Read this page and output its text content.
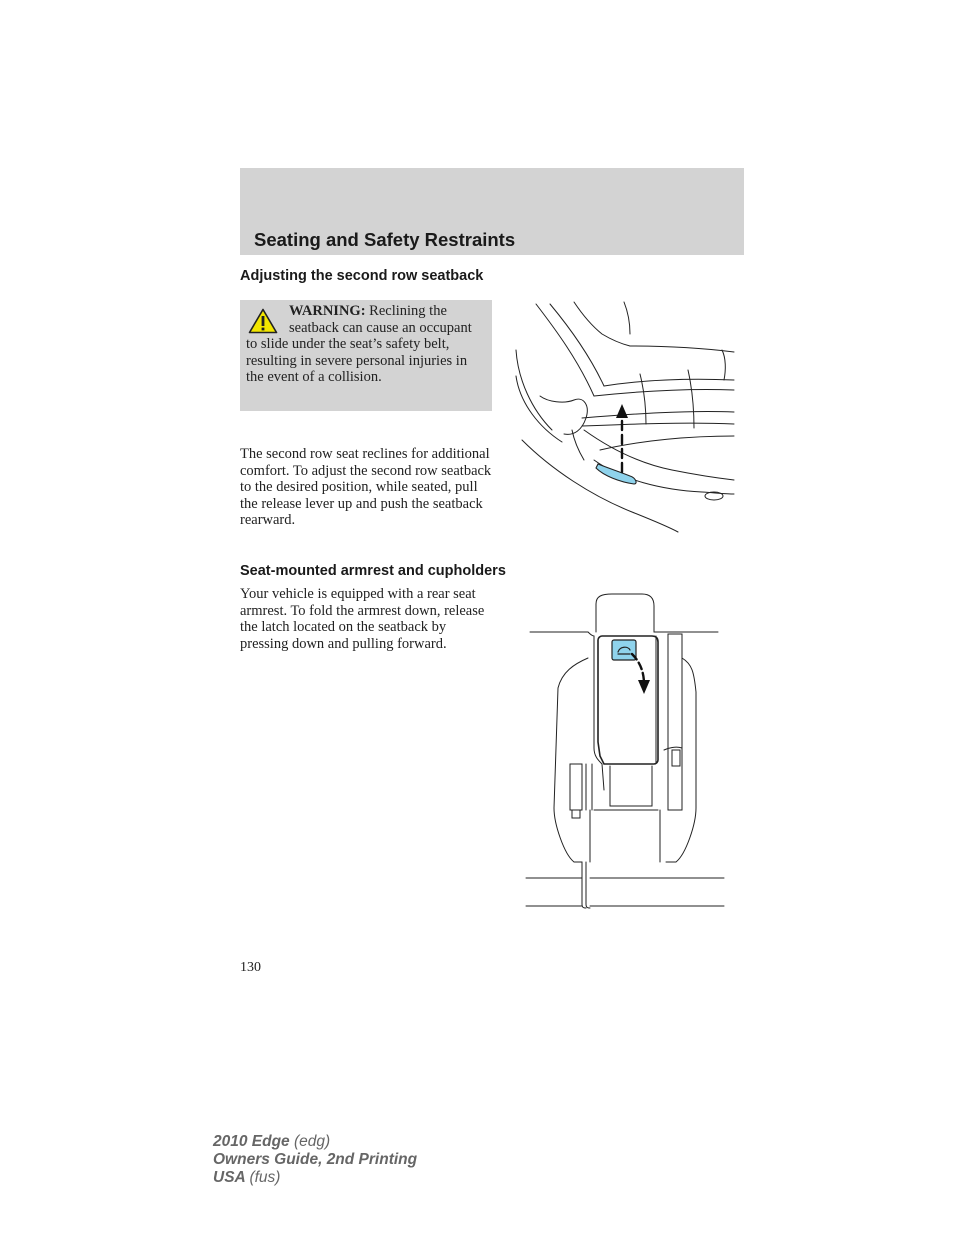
Seating and Safety Restraints
Adjusting the second row seatback

WARNING: Reclining the seatback can cause an occupant to slide under the seat’s safety belt, resulting in severe personal injuries in the event of a collision.

The second row seat reclines for additional comfort. To adjust the second row seatback to the desired position, while seated, pull the release lever up and push the seatback rearward.

Seat-mounted armrest and cupholders

Your vehicle is equipped with a rear seat armrest. To fold the armrest down, release the latch located on the seatback by pressing down and pulling forward.

130

2010 Edge (edg)
Owners Guide, 2nd Printing
USA (fus)
